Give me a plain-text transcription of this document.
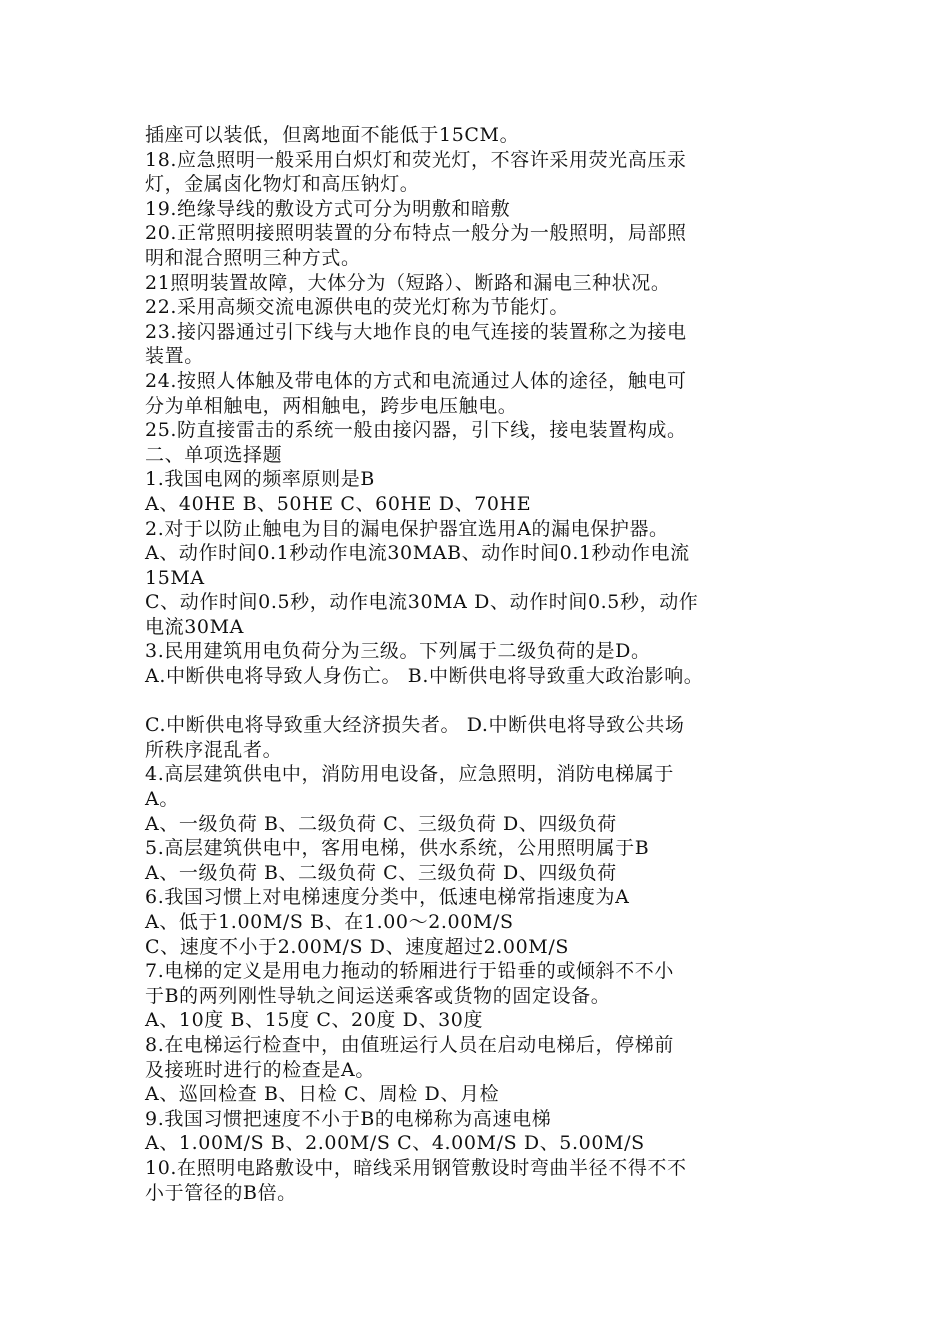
插座可以装低，但离地面不能低于15CM。
18.应急照明一般采用白炽灯和荧光灯，不容许采用荧光高压汞
灯，金属卤化物灯和高压钠灯。
19.绝缘导线的敷设方式可分为明敷和暗敷
20.正常照明接照明装置的分布特点一般分为一般照明，局部照
明和混合照明三种方式。
21照明装置故障，大体分为（短路）、断路和漏电三种状况。
22.采用高频交流电源供电的荧光灯称为节能灯。
23.接闪器通过引下线与大地作良的电气连接的装置称之为接电
装置。
24.按照人体触及带电体的方式和电流通过人体的途径，触电可
分为单相触电，两相触电，跨步电压触电。
25.防直接雷击的系统一般由接闪器，引下线，接电装置构成。
二、单项选择题
1.我国电网的频率原则是B
A、40HE B、50HE C、60HE D、70HE
2.对于以防止触电为目的漏电保护器宜选用A的漏电保护器。
A、动作时间0.1秒动作电流30MAB、动作时间0.1秒动作电流
15MA
C、动作时间0.5秒，动作电流30MA D、动作时间0.5秒，动作
电流30MA
3.民用建筑用电负荷分为三级。下列属于二级负荷的是D。
A.中断供电将导致人身伤亡。 B.中断供电将导致重大政治影响。
C.中断供电将导致重大经济损失者。 D.中断供电将导致公共场
所秩序混乱者。
4.高层建筑供电中，消防用电设备，应急照明，消防电梯属于
A。
A、一级负荷 B、二级负荷 C、三级负荷 D、四级负荷
5.高层建筑供电中，客用电梯，供水系统，公用照明属于B
A、一级负荷 B、二级负荷 C、三级负荷 D、四级负荷
6.我国习惯上对电梯速度分类中，低速电梯常指速度为A
A、低于1.00M/S B、在1.00～2.00M/S
C、速度不小于2.00M/S D、速度超过2.00M/S
7.电梯的定义是用电力拖动的轿厢进行于铅垂的或倾斜不不小
于B的两列刚性导轨之间运送乘客或货物的固定设备。
A、10度 B、15度 C、20度 D、30度
8.在电梯运行检查中，由值班运行人员在启动电梯后，停梯前
及接班时进行的检查是A。
A、巡回检查 B、日检 C、周检 D、月检
9.我国习惯把速度不小于B的电梯称为高速电梯
A、1.00M/S B、2.00M/S C、4.00M/S D、5.00M/S
10.在照明电路敷设中，暗线采用钢管敷设时弯曲半径不得不不
小于管径的B倍。
